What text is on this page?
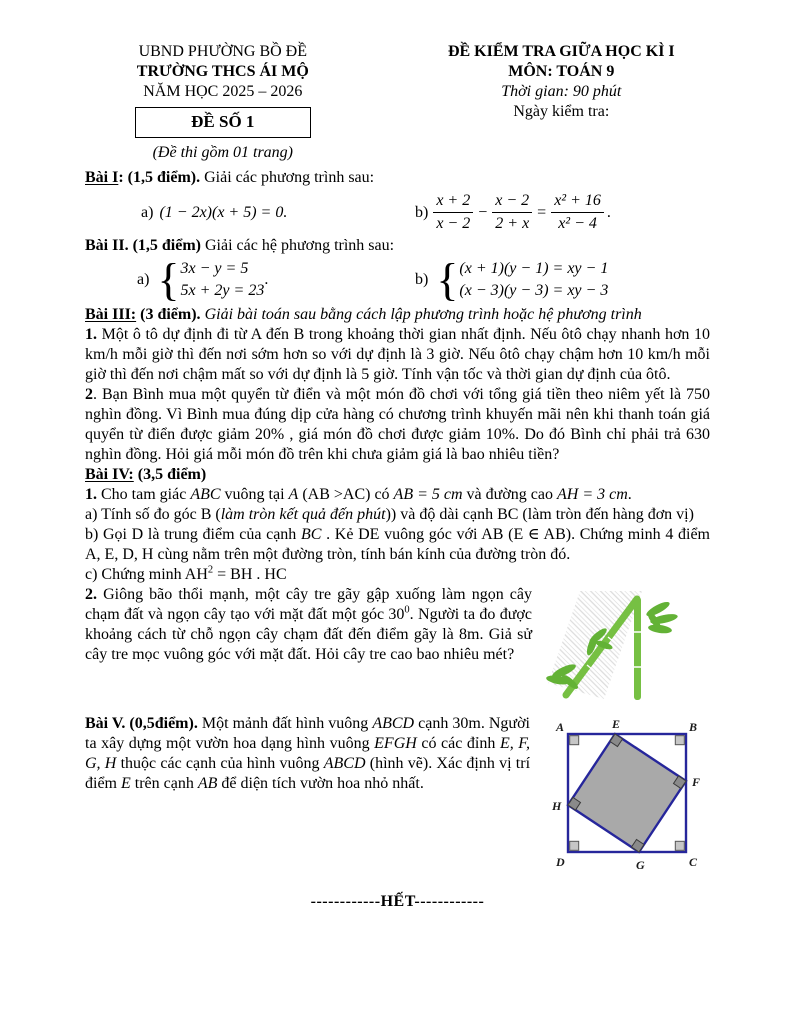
UBND PHƯỜNG BỒ ĐỀ
TRƯỜNG THCS ÁI MỘ
NĂM HỌC 2025 – 2026
ĐỀ SỐ 1
(Đề thi gồm 01 trang)
ĐỀ KIỂM TRA GIỮA HỌC KÌ I
MÔN: TOÁN 9
Thời gian: 90 phút
Ngày kiểm tra:

Bài I: (1,5 điểm). Giải các phương trình sau:

a) (1 − 2x)(x + 5) = 0.	$b) \frac{x + 2}{x - 2} - \frac{x - 2}{2 + x} = \frac{\text{x² + 16}}{\text{x² − 4}}$ .

Bài II. (1,5 điểm) Giải các hệ phương trình sau:

a) { 3x − y = 5
5x + 2y = 23
.	b) { (x + 1)(y − 1) = xy − 1
(x − 3)(y − 3) = xy − 3

Bài III: (3 điểm). Giải bài toán sau bằng cách lập phương trình hoặc hệ phương trình

1. Một ô tô dự định đi từ A đến B trong khoảng thời gian nhất định. Nếu ôtô chạy nhanh hơn 10 km/h mỗi giờ thì đến nơi sớm hơn so với dự định là 3 giờ. Nếu ôtô chạy chậm hơn 10 km/h mỗi giờ thì đến nơi chậm mất so với dự định là 5 giờ. Tính vận tốc và thời gian dự định của ôtô.

2. Bạn Bình mua một quyển từ điển và một món đồ chơi với tổng giá tiền theo niêm yết là 750 nghìn đồng. Vì Bình mua đúng dịp cửa hàng có chương trình khuyến mãi nên khi thanh toán giá quyển từ điển được giảm 20% , giá món đồ chơi được giảm 10%. Do đó Bình chỉ phải trả 630 nghìn đồng. Hỏi giá mỗi món đồ trên khi chưa giảm giá là bao nhiêu tiền?

Bài IV: (3,5 điểm)

1. Cho tam giác ABC vuông tại A (AB >AC) có AB = 5 cm và đường cao AH = 3 cm.

a) Tính số đo góc B (làm tròn kết quả đến phút)) và độ dài cạnh BC (làm tròn đến hàng đơn vị)

b) Gọi D là trung điểm của cạnh BC . Kẻ DE vuông góc với AB (E ∈ AB). Chứng minh 4 điểm A, E, D, H cùng nằm trên một đường tròn, tính bán kính của đường tròn đó.

c) Chứng minh $AH^2$ = BH . HC

2. Giông bão thổi mạnh, một cây tre gãy gập xuống làm ngọn cây chạm đất và ngọn cây tạo với mặt đất một góc $30^0$. Người ta đo được khoảng cách từ chỗ ngọn cây chạm đất đến điểm gãy là 8m. Giả sử cây tre mọc vuông góc với mặt đất. Hỏi cây tre cao bao nhiêu mét?

A	E	B
F
H
D	G	C

Bài V. (0,5điểm). Một mảnh đất hình vuông ABCD cạnh 30m. Người ta xây dựng một vườn hoa dạng hình vuông EFGH có các đỉnh E, F, G, H thuộc các cạnh của hình vuông ABCD (hình vẽ). Xác định vị trí điểm E trên cạnh AB để diện tích vườn hoa nhỏ nhất.

------------HẾT------------
